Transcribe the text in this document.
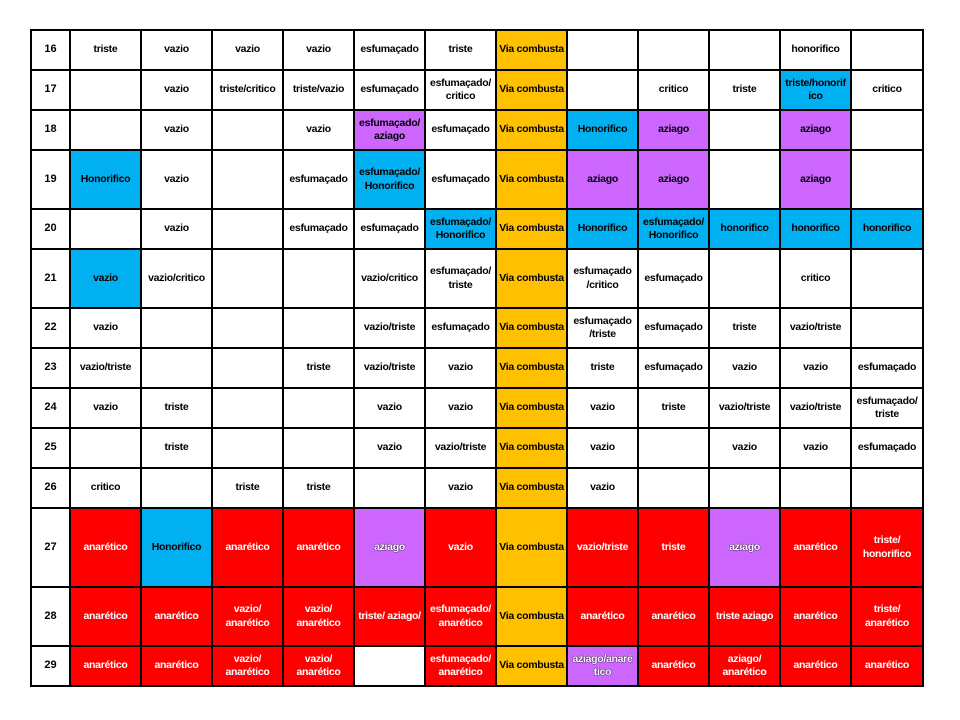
16	triste	vazio	vazio	vazio	esfumaçado	triste	Via combusta				honorifico	

17		vazio	triste/critico	triste/vazio	esfumaçado	esfumaçado/ critico	Via combusta		critico	triste	triste/honorif ico	critico

18		vazio		vazio	esfumaçado/ aziago	esfumaçado	Via combusta	Honorifico	aziago		aziago	

19	Honorifico	vazio		esfumaçado	esfumaçado/ Honorifico	esfumaçado	Via combusta	aziago	aziago		aziago	

20		vazio		esfumaçado	esfumaçado	esfumaçado/ Honorifico	Via combusta	Honorifico	esfumaçado/ Honorifico	honorifico	honorifico	honorifico

21	vazio	vazio/critico			vazio/critico	esfumaçado/ triste	Via combusta	esfumaçado /critico	esfumaçado		critico	

22	vazio				vazio/triste	esfumaçado	Via combusta	esfumaçado /triste	esfumaçado	triste	vazio/triste	

23	vazio/triste			triste	vazio/triste	vazio	Via combusta	triste	esfumaçado	vazio	vazio	esfumaçado

24	vazio	triste			vazio	vazio	Via combusta	vazio	triste	vazio/triste	vazio/triste	esfumaçado/ triste

25		triste			vazio	vazio/triste	Via combusta	vazio		vazio	vazio	esfumaçado

26	critico		triste	triste		vazio	Via combusta	vazio				

27	anarético	Honorifico	anarético	anarético	aziago	vazio	Via combusta	vazio/triste	triste	aziago	anarético	triste/ honorifico

28	anarético	anarético	vazio/ anarético	vazio/ anarético	triste/ aziago/	esfumaçado/ anarético	Via combusta	anarético	anarético	triste aziago	anarético	triste/ anarético

29	anarético	anarético	vazio/ anarético	vazio/ anarético		esfumaçado/ anarético	Via combusta	aziago/anaré tico	anarético	aziago/ anarético	anarético	anarético
